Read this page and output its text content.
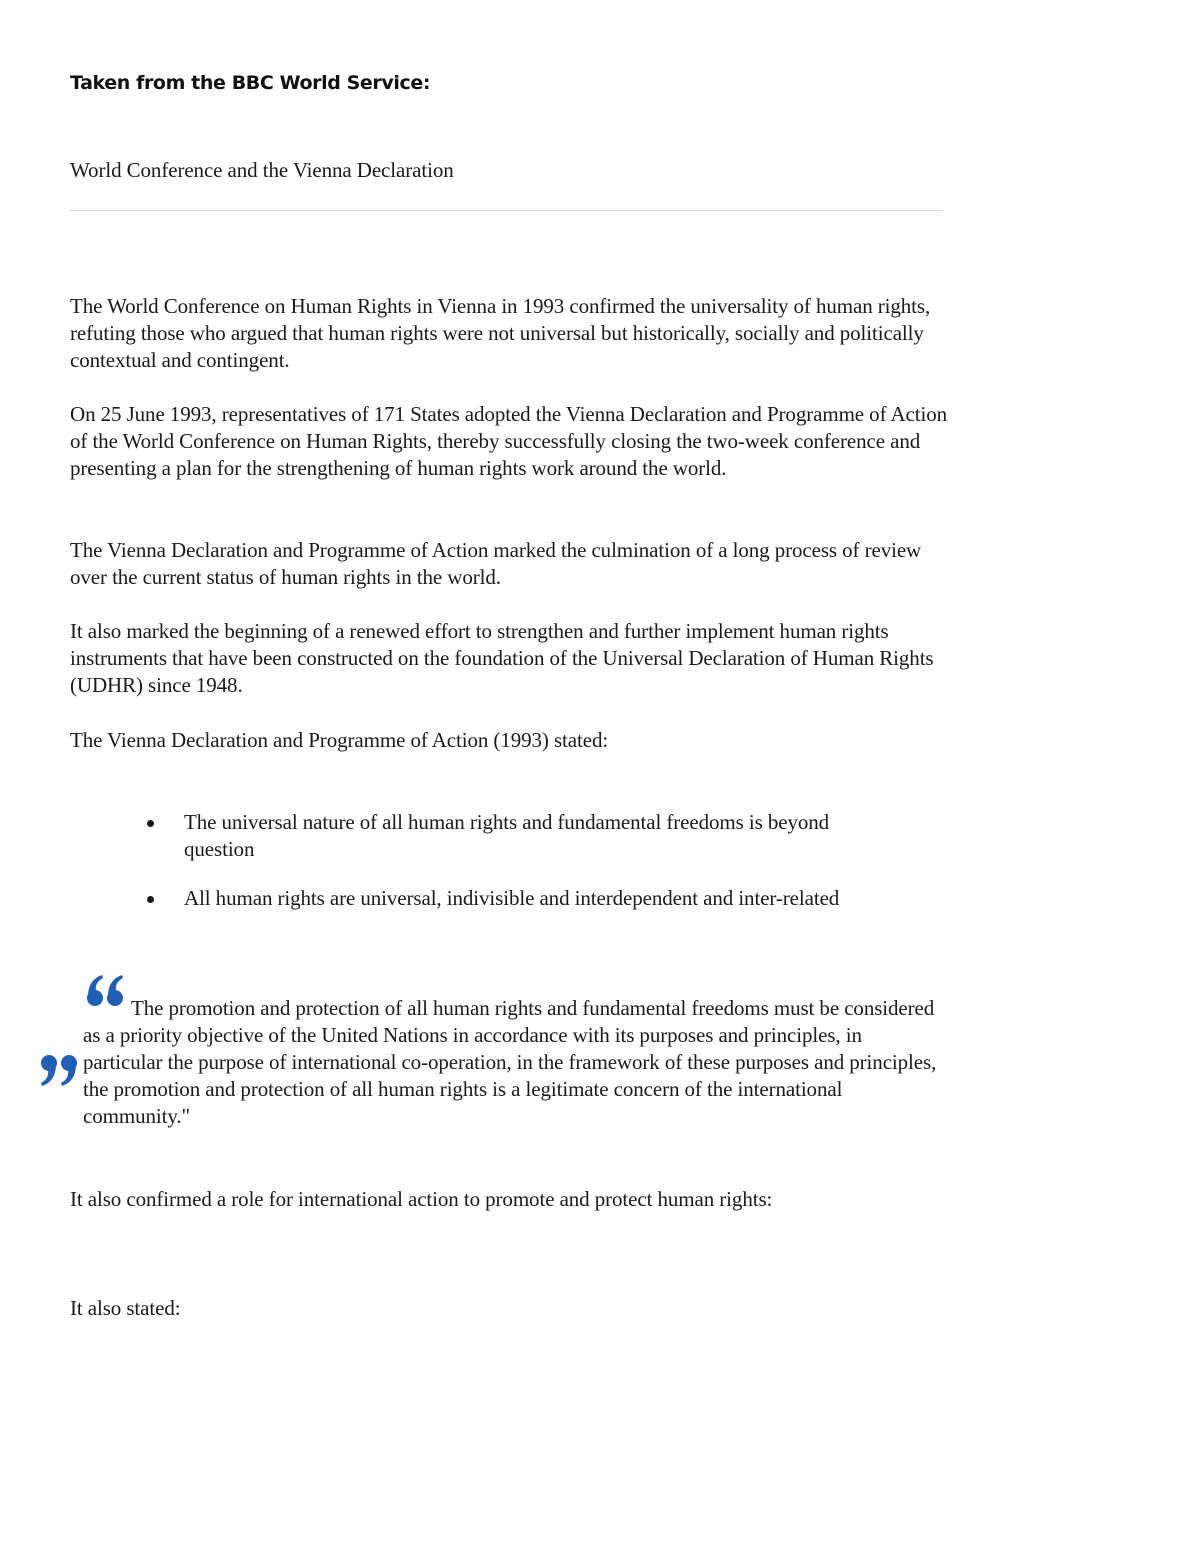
Taken from the BBC World Service:
World Conference and the Vienna Declaration

The World Conference on Human Rights in Vienna in 1993 confirmed the universality of human rights, refuting those who argued that human rights were not universal but historically, socially and politically contextual and contingent.

On 25 June 1993, representatives of 171 States adopted the Vienna Declaration and Programme of Action of the World Conference on Human Rights, thereby successfully closing the two-week conference and presenting a plan for the strengthening of human rights work around the world.

The Vienna Declaration and Programme of Action marked the culmination of a long process of review over the current status of human rights in the world.

It also marked the beginning of a renewed effort to strengthen and further implement human rights instruments that have been constructed on the foundation of the Universal Declaration of Human Rights (UDHR) since 1948.

The Vienna Declaration and Programme of Action (1993) stated:

The universal nature of all human rights and fundamental freedoms is beyond question
All human rights are universal, indivisible and interdependent and inter-related

The promotion and protection of all human rights and fundamental freedoms must be considered as a priority objective of the United Nations in accordance with its purposes and principles, in particular the purpose of international co-operation, in the framework of these purposes and principles, the promotion and protection of all human rights is a legitimate concern of the international community."

It also confirmed a role for international action to promote and protect human rights:

It also stated:
